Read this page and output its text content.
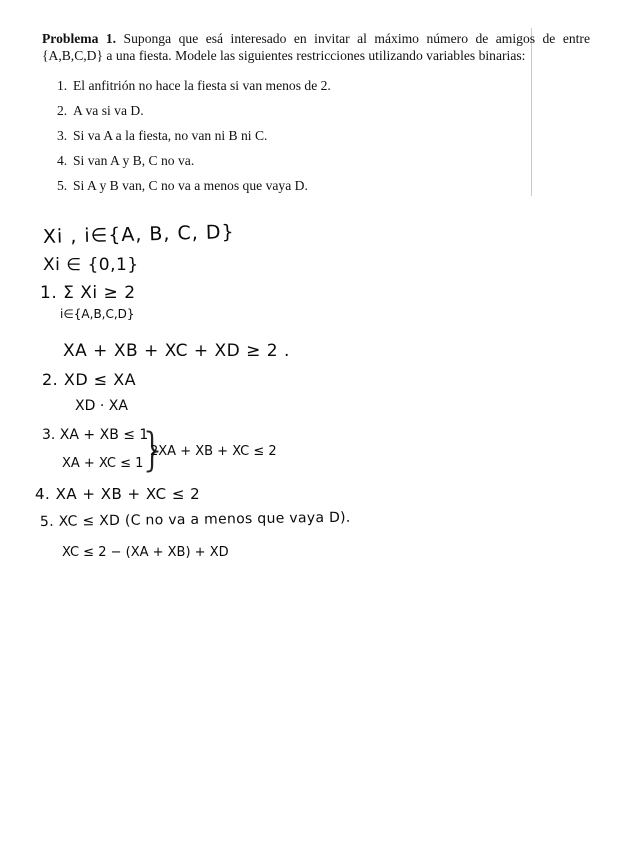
Problema 1. Suponga que esá interesado en invitar al máximo número de amigos de entre {A,B,C,D} a una fiesta. Modele las siguientes restricciones utilizando variables binarias:

1. El anfitrión no hace la fiesta si van menos de 2.
2. A va si va D.
3. Si va A a la fiesta, no van ni B ni C.
4. Si van A y B, C no va.
5. Si A y B van, C no va a menos que vaya D.
Xi , i∈{A, B, C, D}
Xi ∈ {0,1}
1. Σ Xi ≥ 2
i∈{A,B,C,D}
XA + XB + XC + XD ≥ 2 .
2. XD ≤ XA
XD · XA
3. XA + XB ≤ 1
XA + XC ≤ 1
}
2XA + XB + XC ≤ 2
4. XA + XB + XC ≤ 2
5. XC ≤ XD (C no va a menos que vaya D).
XC ≤ 2 − (XA + XB) + XD
